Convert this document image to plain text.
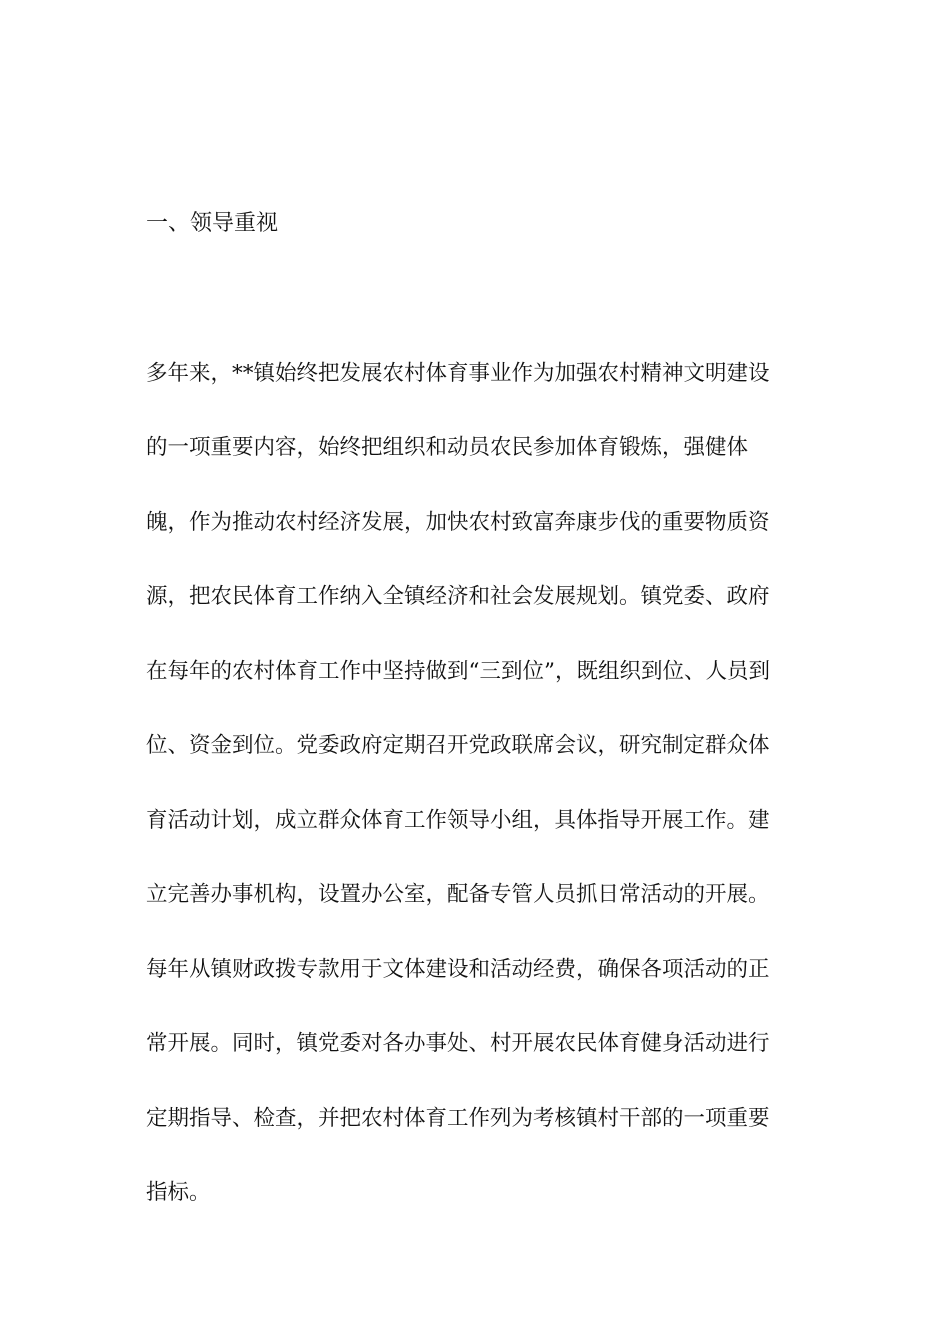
一、领导重视
多年来，**镇始终把发展农村体育事业作为加强农村精神文明建设
的一项重要内容，始终把组织和动员农民参加体育锻炼，强健体
魄，作为推动农村经济发展，加快农村致富奔康步伐的重要物质资
源，把农民体育工作纳入全镇经济和社会发展规划。镇党委、政府
在每年的农村体育工作中坚持做到“三到位”，既组织到位、人员到
位、资金到位。党委政府定期召开党政联席会议，研究制定群众体
育活动计划，成立群众体育工作领导小组，具体指导开展工作。建
立完善办事机构，设置办公室，配备专管人员抓日常活动的开展。
每年从镇财政拨专款用于文体建设和活动经费，确保各项活动的正
常开展。同时，镇党委对各办事处、村开展农民体育健身活动进行
定期指导、检查，并把农村体育工作列为考核镇村干部的一项重要
指标。
